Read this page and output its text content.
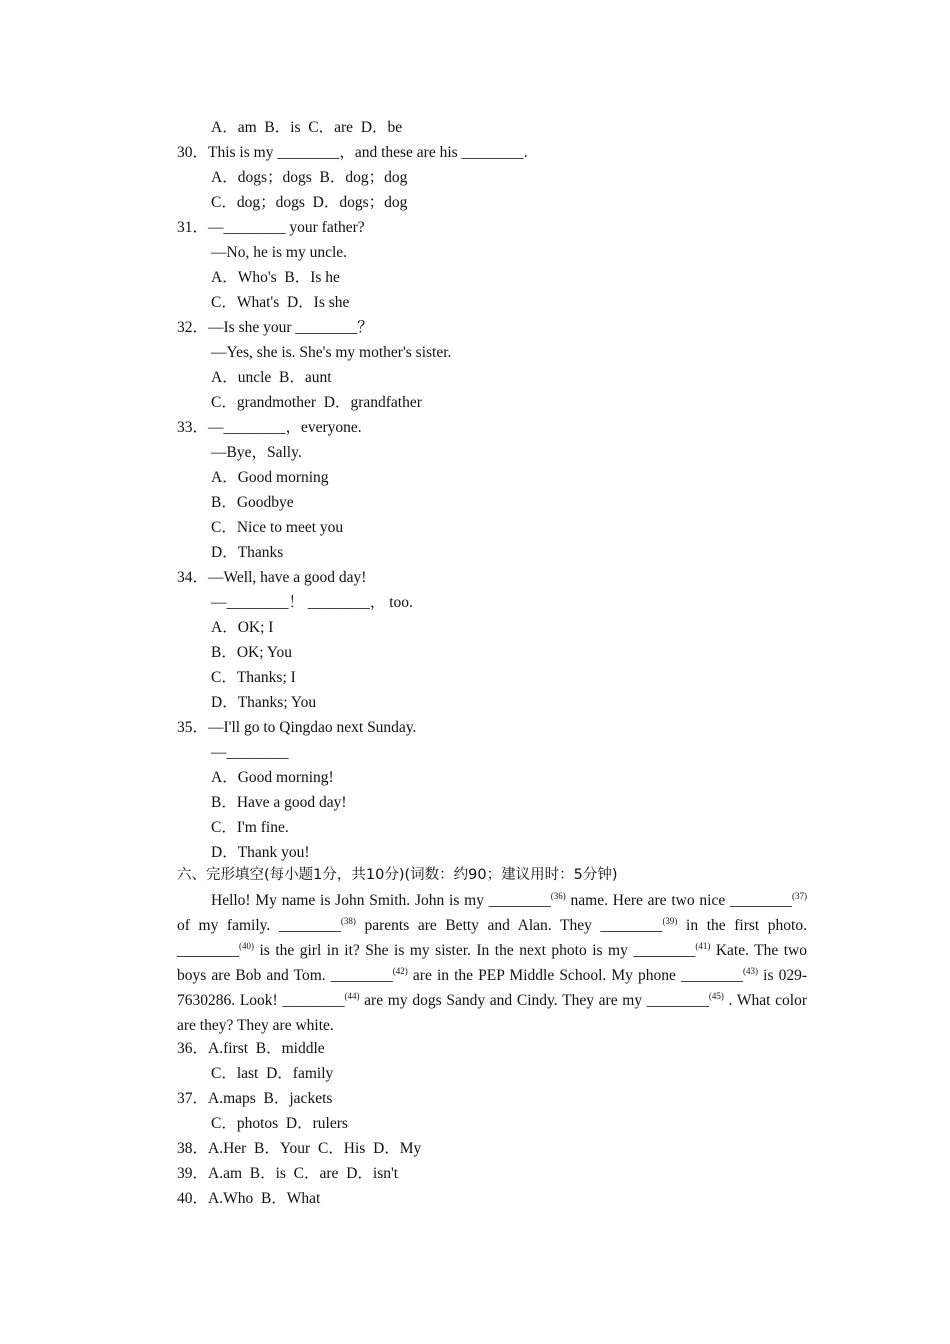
A．am  B．is  C．are  D．be
30．This is my ________，and these are his ________.
A．dogs；dogs  B．dog；dog
C．dog；dogs  D．dogs；dog
31．—________ your father?
—No, he is my uncle.
A．Who's  B．Is he
C．What's  D．Is she
32．—Is she your ________？
—Yes, she is. She's my mother's sister.
A．uncle  B．aunt
C．grandmother  D．grandfather
33．—________，everyone.
—Bye，Sally.
A．Good morning
B．Goodbye
C．Nice to meet you
D．Thanks
34．—Well, have a good day!
—________！ ________， too.
A．OK; I
B．OK; You
C．Thanks; I
D．Thanks; You
35．—I'll go to Qingdao next Sunday.
—________
A．Good morning!
B．Have a good day!
C．I'm fine.
D．Thank you!
六、完形填空(每小题1分，共10分)(词数：约90；建议用时：5分钟)
Hello! My name is John Smith. John is my ________$^{(36)}$ name. Here are two nice ________$^{(37)}$ of my family. ________$^{(38)}$ parents are Betty and Alan. They ________$^{(39)}$ in the first photo. ________$^{(40)}$ is the girl in it? She is my sister. In the next photo is my ________$^{(41)}$ Kate. The two boys are Bob and Tom. ________$^{(42)}$ are in the PEP Middle School. My phone ________$^{(43)}$ is 029-7630286. Look! ________$^{(44)}$ are my dogs Sandy and Cindy. They are my ________$^{(45)}$ . What color are they? They are white.
36．A.first  B．middle
C．last  D．family
37．A.maps  B．jackets
C．photos  D．rulers
38．A.Her  B．Your  C．His  D．My
39．A.am  B．is  C．are  D．isn't
40．A.Who  B．What
